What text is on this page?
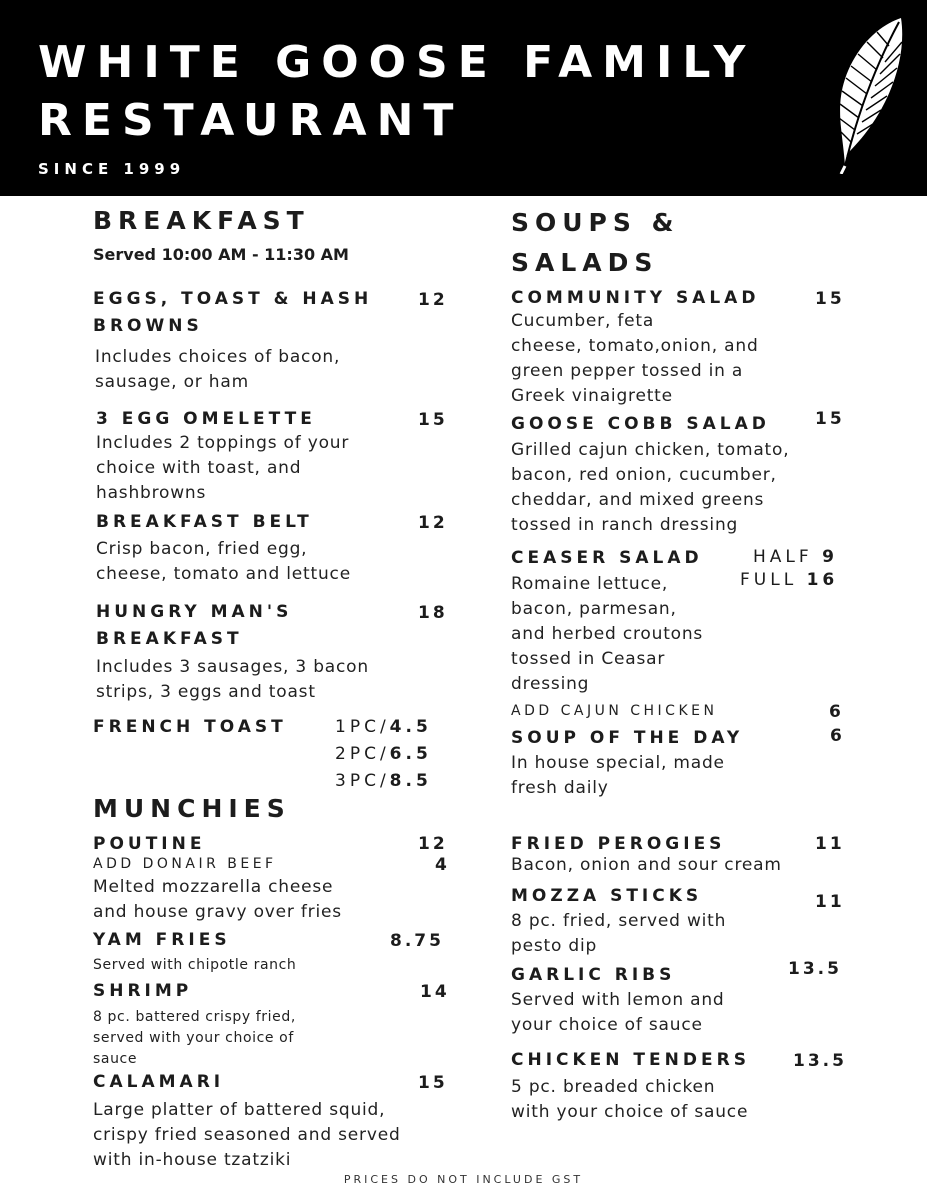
WHITE GOOSE FAMILY
RESTAURANT
SINCE 1999
BREAKFAST
Served 10:00 AM - 11:30 AM
EGGS, TOAST & HASH
BROWNS
12
Includes choices of bacon,
sausage, or ham
3 EGG OMELETTE	15
Includes 2 toppings of your
choice with toast, and
hashbrowns
BREAKFAST BELT	12
Crisp bacon, fried egg,
cheese, tomato and lettuce
HUNGRY MAN'S
BREAKFAST
18
Includes 3 sausages, 3 bacon
strips, 3 eggs and toast
FRENCH TOAST	1PC/4.5
2PC/6.5
3PC/8.5
MUNCHIES
POUTINE	12
ADD DONAIR BEEF	4
Melted mozzarella cheese
and house gravy over fries
YAM FRIES	8.75
Served with chipotle ranch
SHRIMP	14
8 pc. battered crispy fried,
served with your choice of
sauce
CALAMARI	15
Large platter of battered squid,
crispy fried seasoned and served
with in-house tzatziki
SOUPS &
SALADS
COMMUNITY SALAD	15
Cucumber, feta
cheese, tomato,onion, and
green pepper tossed in a
Greek vinaigrette
GOOSE COBB SALAD	15
Grilled cajun chicken, tomato,
bacon, red onion, cucumber,
cheddar, and mixed greens
tossed in ranch dressing
CEASER SALAD	HALF 9
FULL 16
Romaine lettuce,
bacon, parmesan,
and herbed croutons
tossed in Ceasar
dressing
ADD CAJUN CHICKEN	6
SOUP OF THE DAY	6
In house special, made
fresh daily
FRIED PEROGIES	11
Bacon, onion and sour cream
MOZZA STICKS	11
8 pc. fried, served with
pesto dip
GARLIC RIBS	13.5
Served with lemon and
your choice of sauce
CHICKEN TENDERS	13.5
5 pc. breaded chicken
with your choice of sauce
PRICES DO NOT INCLUDE GST
